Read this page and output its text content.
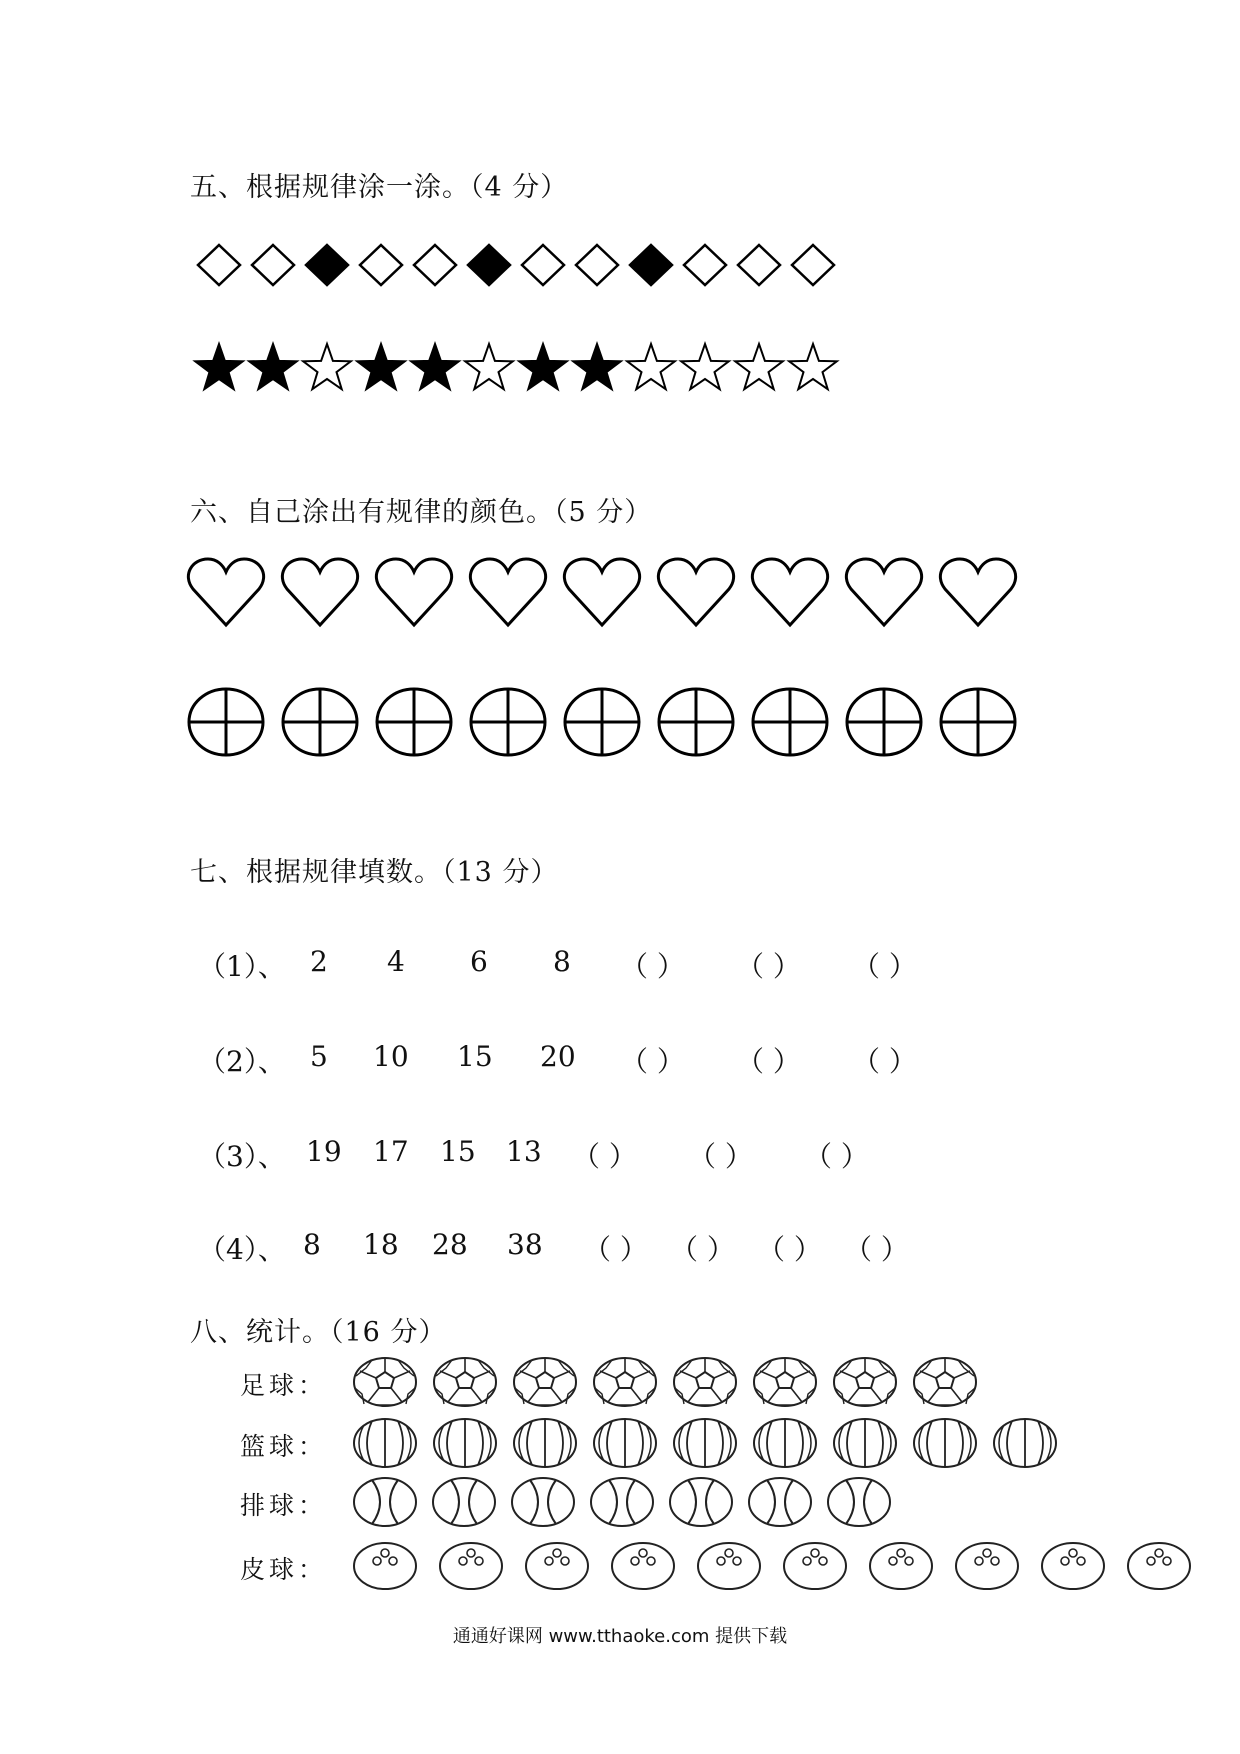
五、根据规律涂一涂。（4 分）
六、自己涂出有规律的颜色。（5 分）
七、根据规律填数。（13 分）
（1）、 2 4 6 8 （ ） （ ） （ ）
（2）、 5 10 15 20 （ ） （ ） （ ）
（3）、 19 17 15 13 （ ） （ ） （ ）
（4）、 8 18 28 38 （ ） （ ） （ ） （ ）
八、统计。（16 分）
足球：
篮球：
排球：
皮球：
通通好课网 www.tthaoke.com 提供下载
